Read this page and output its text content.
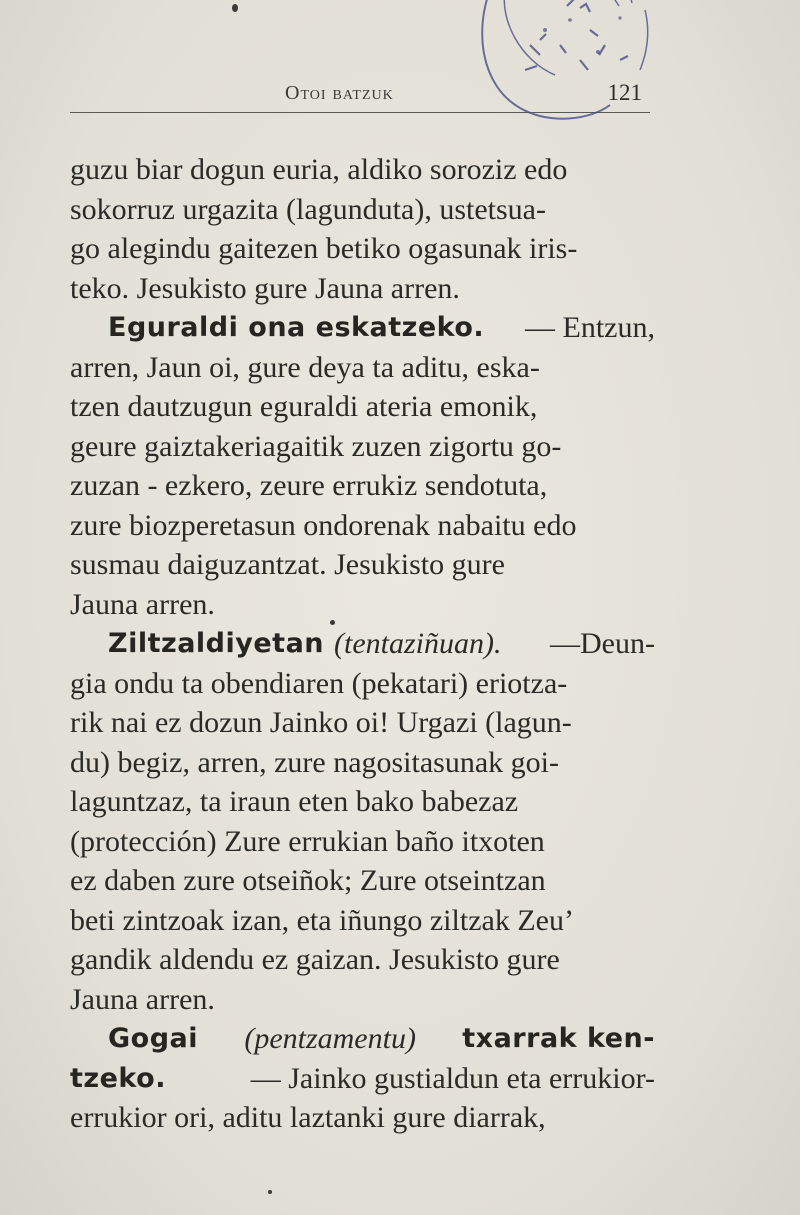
Otoi batzuk	121
guzu biar dogun euria, aldiko soroziz edo
sokorruz urgazita (lagunduta), ustetsua-
go alegindu gaitezen betiko ogasunak iris-
teko. Jesukisto gure Jauna arren.
Eguraldi ona eskatzeko. — Entzun,
arren, Jaun oi, gure deya ta aditu, eska-
tzen dautzugun eguraldi ateria emonik,
geure gaiztakeriagaitik zuzen zigortu go-
zuzan - ezkero, zeure errukiz sendotuta,
zure biozperetasun ondorenak nabaitu edo
susmau daiguzantzat. Jesukisto gure
Jauna arren.
Ziltzaldiyetan (tentaziñuan). —Deun-
gia ondu ta obendiaren (pekatari) eriotza-
rik nai ez dozun Jainko oi! Urgazi (lagun-
du) begiz, arren, zure nagositasunak goi-
laguntzaz, ta iraun eten bako babezaz
(protección) Zure errukian baño itxoten
ez daben zure otseiñok; Zure otseintzan
beti zintzoak izan, eta iñungo ziltzak Zeu’
gandik aldendu ez gaizan. Jesukisto gure
Jauna arren.
Gogai (pentzamentu) txarrak ken-
tzeko.	— Jainko gustialdun eta errukior-
errukior ori, aditu laztanki gure diarrak,
